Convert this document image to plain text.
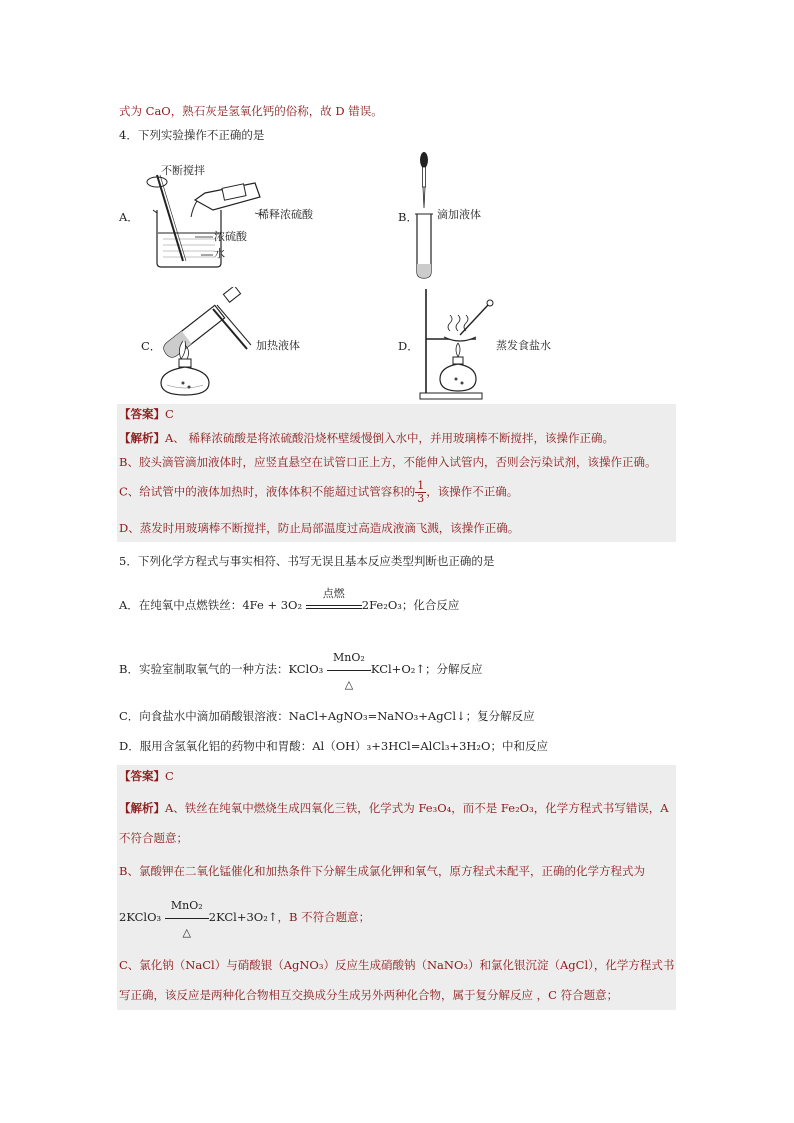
式为 CaO，熟石灰是氢氧化钙的俗称，故 D 错误。
4．下列实验操作不正确的是
A．
不断搅拌
稀释浓硫酸
浓硫酸
水
B． 滴加液体
C．	加热液体	D．	蒸发食盐水
【答案】C
【解析】A、 稀释浓硫酸是将浓硫酸沿烧杯壁缓慢倒入水中，并用玻璃棒不断搅拌，该操作正确。
B、胶头滴管滴加液体时，应竖直悬空在试管口正上方，不能伸入试管内，否则会污染试剂，该操作正确。
C、给试管中的液体加热时，液体体积不能超过试管容积的 $\frac{1}{3}$ ，该操作不正确。
D、蒸发时用玻璃棒不断搅拌，防止局部温度过高造成液滴飞溅，该操作正确。
5．下列化学方程式与事实相符、书写无误且基本反应类型判断也正确的是
A．在纯氧中点燃铁丝：4Fe + 3O₂
点燃
2Fe₂O₃；化合反应
B．实验室制取氧气的一种方法：KClO₃
MnO₂
△
KCl+O₂↑；分解反应
C．向食盐水中滴加硝酸银溶液：NaCl+AgNO₃=NaNO₃+AgCl↓；复分解反应
D．服用含氢氧化铝的药物中和胃酸：Al（OH）₃+3HCl=AlCl₃+3H₂O；中和反应
【答案】C
【解析】A、铁丝在纯氧中燃烧生成四氧化三铁，化学式为 Fe₃O₄，而不是 Fe₂O₃，化学方程式书写错误，A
不符合题意；
B、氯酸钾在二氧化锰催化和加热条件下分解生成氯化钾和氧气，原方程式未配平，正确的化学方程式为
2KClO₃
MnO₂
△
2KCl+3O₂↑，B 不符合题意；
C、氯化钠（NaCl）与硝酸银（AgNO₃）反应生成硝酸钠（NaNO₃）和氯化银沉淀（AgCl），化学方程式书
写正确，该反应是两种化合物相互交换成分生成另外两种化合物，属于复分解反应 ，C 符合题意；
